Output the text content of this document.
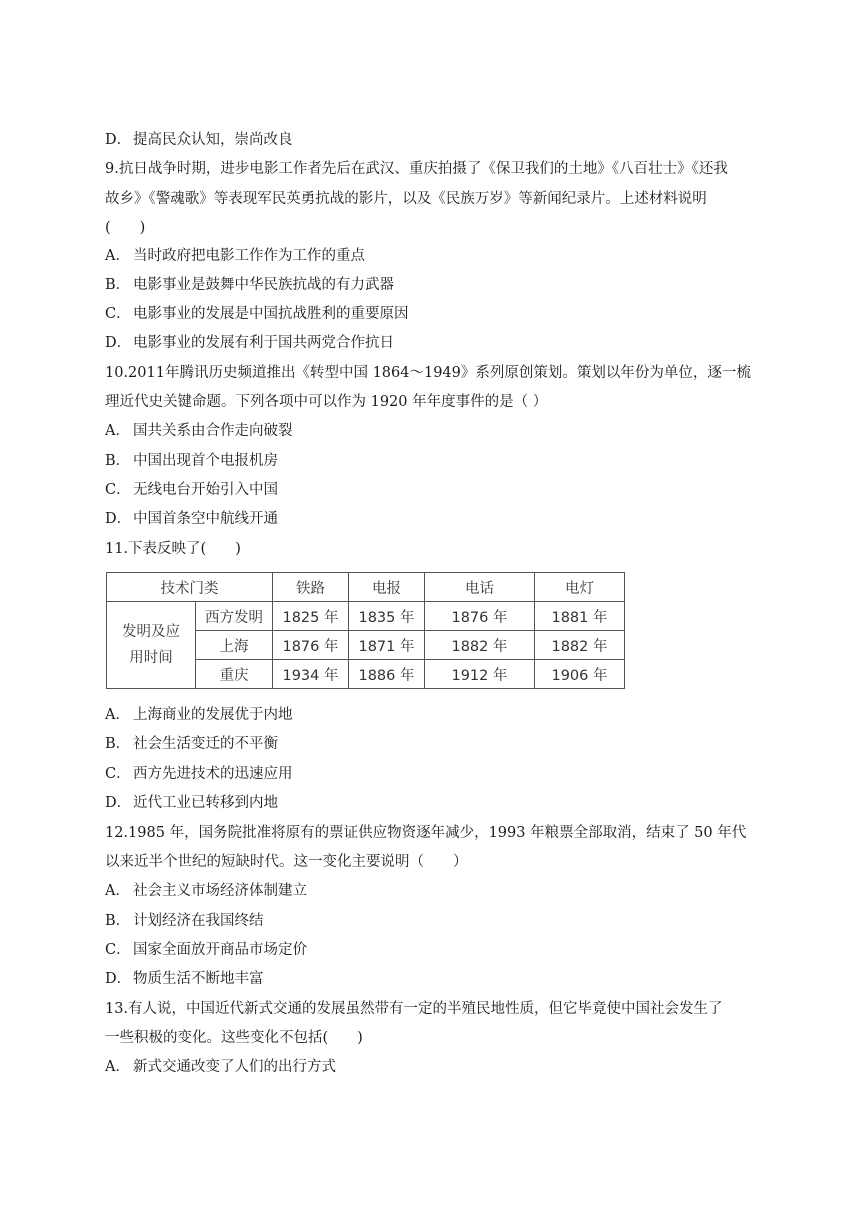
D． 提高民众认知，崇尚改良
9.抗日战争时期，进步电影工作者先后在武汉、重庆拍摄了《保卫我们的土地》《八百壮士》《还我
故乡》《警魂歌》等表现军民英勇抗战的影片，以及《民族万岁》等新闻纪录片。上述材料说明
(　　)
A． 当时政府把电影工作作为工作的重点
B． 电影事业是鼓舞中华民族抗战的有力武器
C． 电影事业的发展是中国抗战胜利的重要原因
D． 电影事业的发展有利于国共两党合作抗日
10.2011年腾讯历史频道推出《转型中国 1864～1949》系列原创策划。策划以年份为单位，逐一梳
理近代史关键命题。下列各项中可以作为 1920 年年度事件的是（ ）
A． 国共关系由合作走向破裂
B． 中国出现首个电报机房
C． 无线电台开始引入中国
D． 中国首条空中航线开通
11.下表反映了(　　)
技术门类		铁路	电报	电话	电灯

发明及应
用时间	西方发明	1825 年	1835 年	1876 年	1881 年
	上海	1876 年	1871 年	1882 年	1882 年
	重庆	1934 年	1886 年	1912 年	1906 年
A． 上海商业的发展优于内地
B． 社会生活变迁的不平衡
C． 西方先进技术的迅速应用
D． 近代工业已转移到内地
12.1985 年，国务院批准将原有的票证供应物资逐年减少，1993 年粮票全部取消，结束了 50 年代
以来近半个世纪的短缺时代。这一变化主要说明（　　）
A． 社会主义市场经济体制建立
B． 计划经济在我国终结
C． 国家全面放开商品市场定价
D． 物质生活不断地丰富
13.有人说，中国近代新式交通的发展虽然带有一定的半殖民地性质，但它毕竟使中国社会发生了
一些积极的变化。这些变化不包括(　　)
A． 新式交通改变了人们的出行方式
